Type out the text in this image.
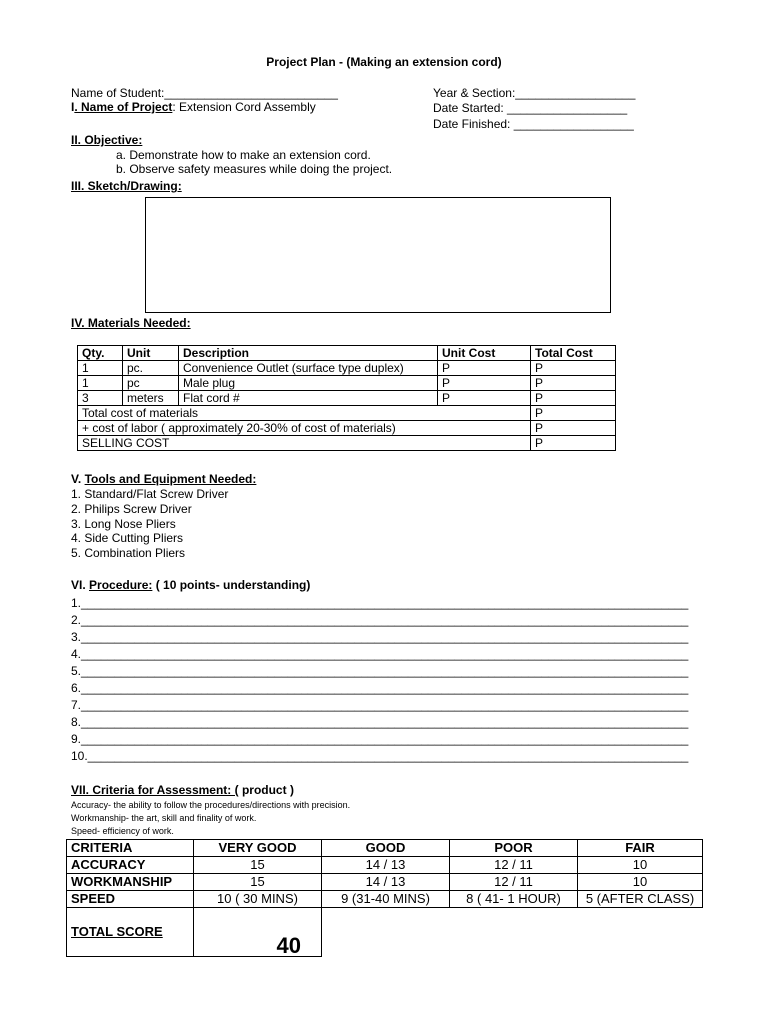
Project Plan - (Making an extension cord)
Name of Student:__________________________
I. Name of Project: Extension Cord Assembly
Year & Section:__________________
Date Started: __________________
Date Finished: __________________
II. Objective:
a. Demonstrate how to make an extension cord.
b. Observe safety measures while doing the project.
III. Sketch/Drawing:
IV. Materials Needed:
Qty.	Unit	Description	Unit Cost	Total Cost
1	pc.	Convenience Outlet (surface type duplex)	P	P
1	pc	Male plug	P	P
3	meters	Flat cord #	P	P
Total cost of materials				P
+ cost of labor ( approximately 20-30% of cost of materials)				P
SELLING COST				P
V. Tools and Equipment Needed:
1. Standard/Flat Screw Driver
2. Philips Screw Driver
3. Long Nose Pliers
4. Side Cutting Pliers
5. Combination Pliers
VI. Procedure: ( 10 points- understanding)
1.___________________________________________________________________________________________
2.___________________________________________________________________________________________
3.___________________________________________________________________________________________
4.___________________________________________________________________________________________
5.___________________________________________________________________________________________
6.___________________________________________________________________________________________
7.___________________________________________________________________________________________
8.___________________________________________________________________________________________
9.___________________________________________________________________________________________
10.__________________________________________________________________________________________
VII. Criteria for Assessment: ( product )
Accuracy- the ability to follow the procedures/directions with precision.
Workmanship- the art, skill and finality of work.
Speed- efficiency of work.
CRITERIA	VERY GOOD	GOOD	POOR	FAIR
ACCURACY	15	14 / 13	12 / 11	10
WORKMANSHIP	15	14 / 13	12 / 11	10
SPEED	10 ( 30 MINS)	9 (31-40 MINS)	8 ( 41- 1 HOUR)	5 (AFTER CLASS)
TOTAL SCORE	40			
